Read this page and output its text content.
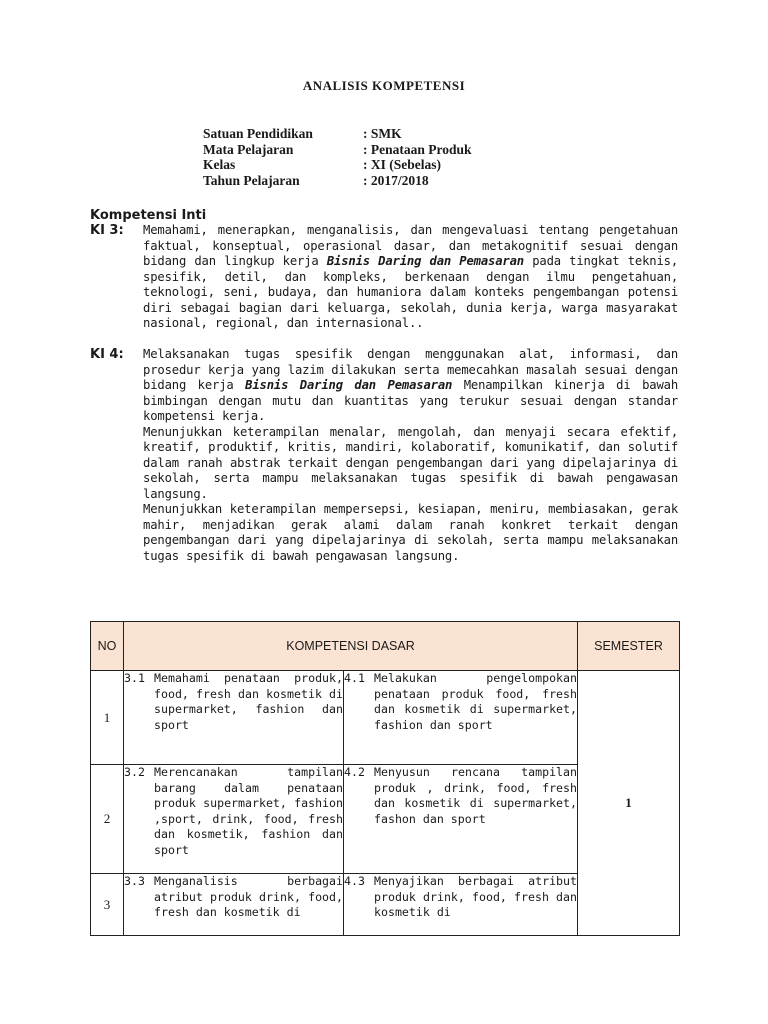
ANALISIS KOMPETENSI
Satuan Pendidikan	: SMK
Mata Pelajaran	: Penataan Produk
Kelas	: XI (Sebelas)
Tahun Pelajaran	: 2017/2018
Kompetensi Inti
KI 3: Memahami, menerapkan, menganalisis, dan mengevaluasi tentang pengetahuan faktual, konseptual, operasional dasar, dan metakognitif sesuai dengan bidang dan lingkup kerja Bisnis Daring dan Pemasaran pada tingkat teknis, spesifik, detil, dan kompleks, berkenaan dengan ilmu pengetahuan, teknologi, seni, budaya, dan humaniora dalam konteks pengembangan potensi diri sebagai bagian dari keluarga, sekolah, dunia kerja, warga masyarakat nasional, regional, dan internasional..
KI 4: Melaksanakan tugas spesifik dengan menggunakan alat, informasi, dan prosedur kerja yang lazim dilakukan serta memecahkan masalah sesuai dengan bidang kerja Bisnis Daring dan Pemasaran Menampilkan kinerja di bawah bimbingan dengan mutu dan kuantitas yang terukur sesuai dengan standar kompetensi kerja.
Menunjukkan keterampilan menalar, mengolah, dan menyaji secara efektif, kreatif, produktif, kritis, mandiri, kolaboratif, komunikatif, dan solutif dalam ranah abstrak terkait dengan pengembangan dari yang dipelajarinya di sekolah, serta mampu melaksanakan tugas spesifik di bawah pengawasan langsung.
Menunjukkan keterampilan mempersepsi, kesiapan, meniru, membiasakan, gerak mahir, menjadikan gerak alami dalam ranah konkret terkait dengan pengembangan dari yang dipelajarinya di sekolah, serta mampu melaksanakan tugas spesifik di bawah pengawasan langsung.
NO	KOMPETENSI DASAR		SEMESTER
1	3.1 Memahami penataan produk, food, fresh dan kosmetik di supermarket, fashion dan sport	4.1 Melakukan pengelompokan penataan produk food, fresh dan kosmetik di supermarket, fashion dan sport	1
2	3.2 Merencanakan tampilan barang dalam penataan produk supermarket, fashion ,sport, drink, food, fresh dan kosmetik, fashion dan sport	4.2 Menyusun rencana tampilan produk , drink, food, fresh dan kosmetik di supermarket, fashon dan sport	

3	3.3 Menganalisis berbagai atribut produk drink, food, fresh dan kosmetik di	4.3 Menyajikan berbagai atribut produk drink, food, fresh dan kosmetik di	
